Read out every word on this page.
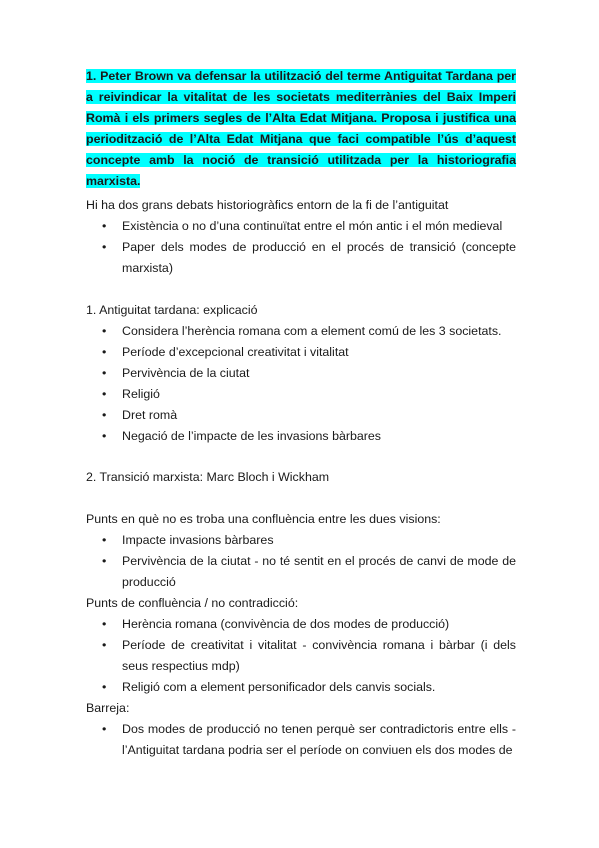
1. Peter Brown va defensar la utilització del terme Antiguitat Tardana per a reivindicar la vitalitat de les societats mediterrànies del Baix Imperi Romà i els primers segles de l’Alta Edat Mitjana. Proposa i justifica una periodització de l’Alta Edat Mitjana que faci compatible l’ús d’aquest concepte amb la noció de transició utilitzada per la historiografia marxista.

Hi ha dos grans debats historiogràfics entorn de la fi de l’antiguitat

• Existència o no d’una continuïtat entre el món antic i el món medieval
• Paper dels modes de producció en el procés de transició (concepte marxista)

1. Antiguitat tardana: explicació

• Considera l’herència romana com a element comú de les 3 societats.
• Període d’excepcional creativitat i vitalitat
• Pervivència de la ciutat
• Religió
• Dret romà
• Negació de l’impacte de les invasions bàrbares

2. Transició marxista: Marc Bloch i Wickham

Punts en què no es troba una confluència entre les dues visions:

• Impacte invasions bàrbares
• Pervivència de la ciutat - no té sentit en el procés de canvi de mode de producció

Punts de confluència / no contradicció:

• Herència romana (convivència de dos modes de producció)
• Període de creativitat i vitalitat - convivència romana i bàrbar (i dels seus respectius mdp)
• Religió com a element personificador dels canvis socials.

Barreja:

• Dos modes de producció no tenen perquè ser contradictoris entre ells - l’Antiguitat tardana podria ser el període on conviuen els dos modes de
